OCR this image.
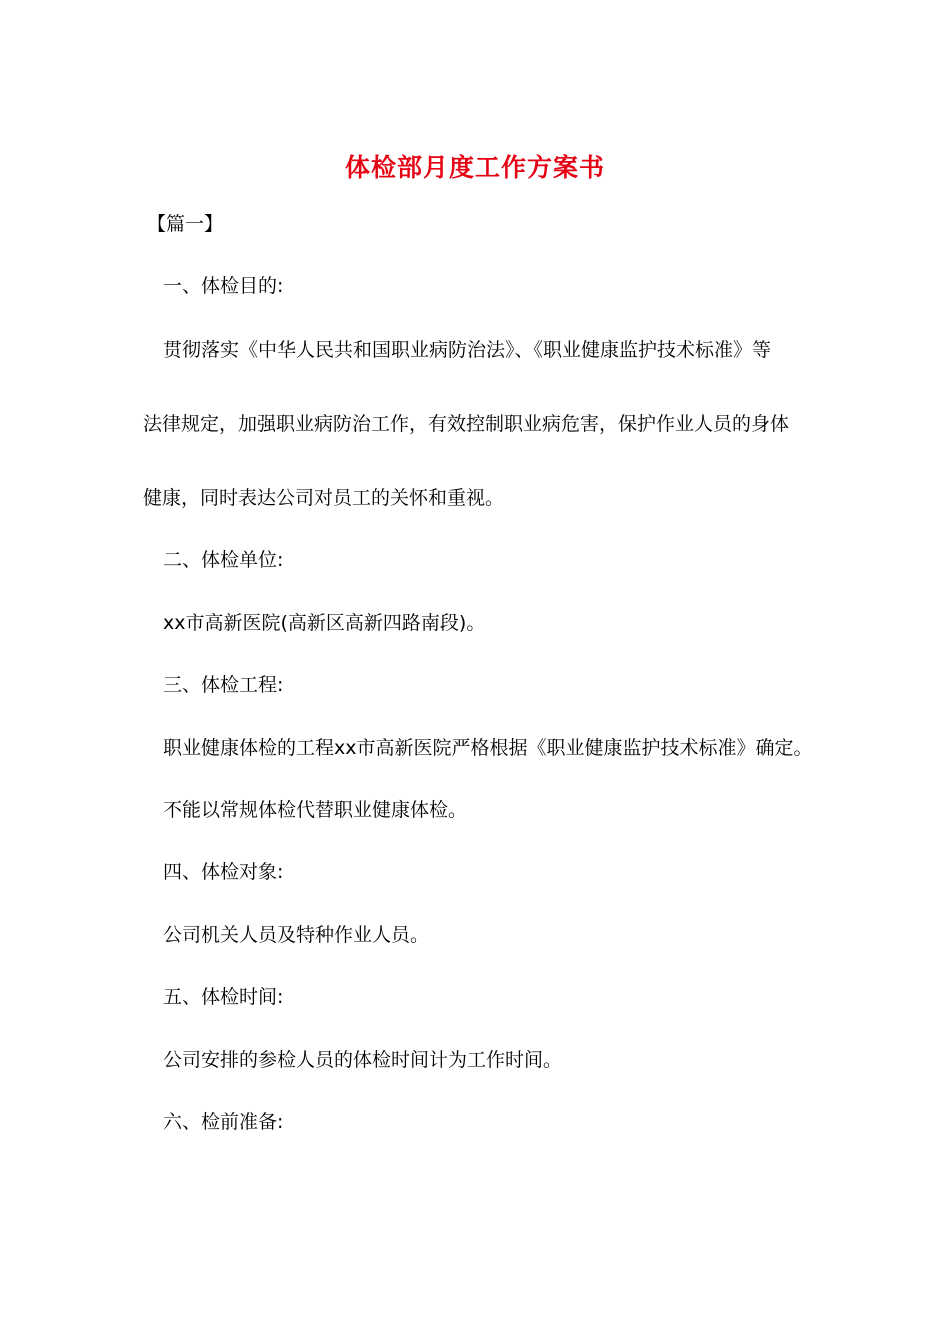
体检部月度工作方案书
【篇一】
一、体检目的:
贯彻落实《中华人民共和国职业病防治法》、《职业健康监护技术标准》等
法律规定，加强职业病防治工作，有效控制职业病危害，保护作业人员的身体
健康，同时表达公司对员工的关怀和重视。
二、体检单位:
xx市高新医院(高新区高新四路南段)。
三、体检工程:
职业健康体检的工程xx市高新医院严格根据《职业健康监护技术标准》确定。
不能以常规体检代替职业健康体检。
四、体检对象:
公司机关人员及特种作业人员。
五、体检时间:
公司安排的参检人员的体检时间计为工作时间。
六、检前准备:
